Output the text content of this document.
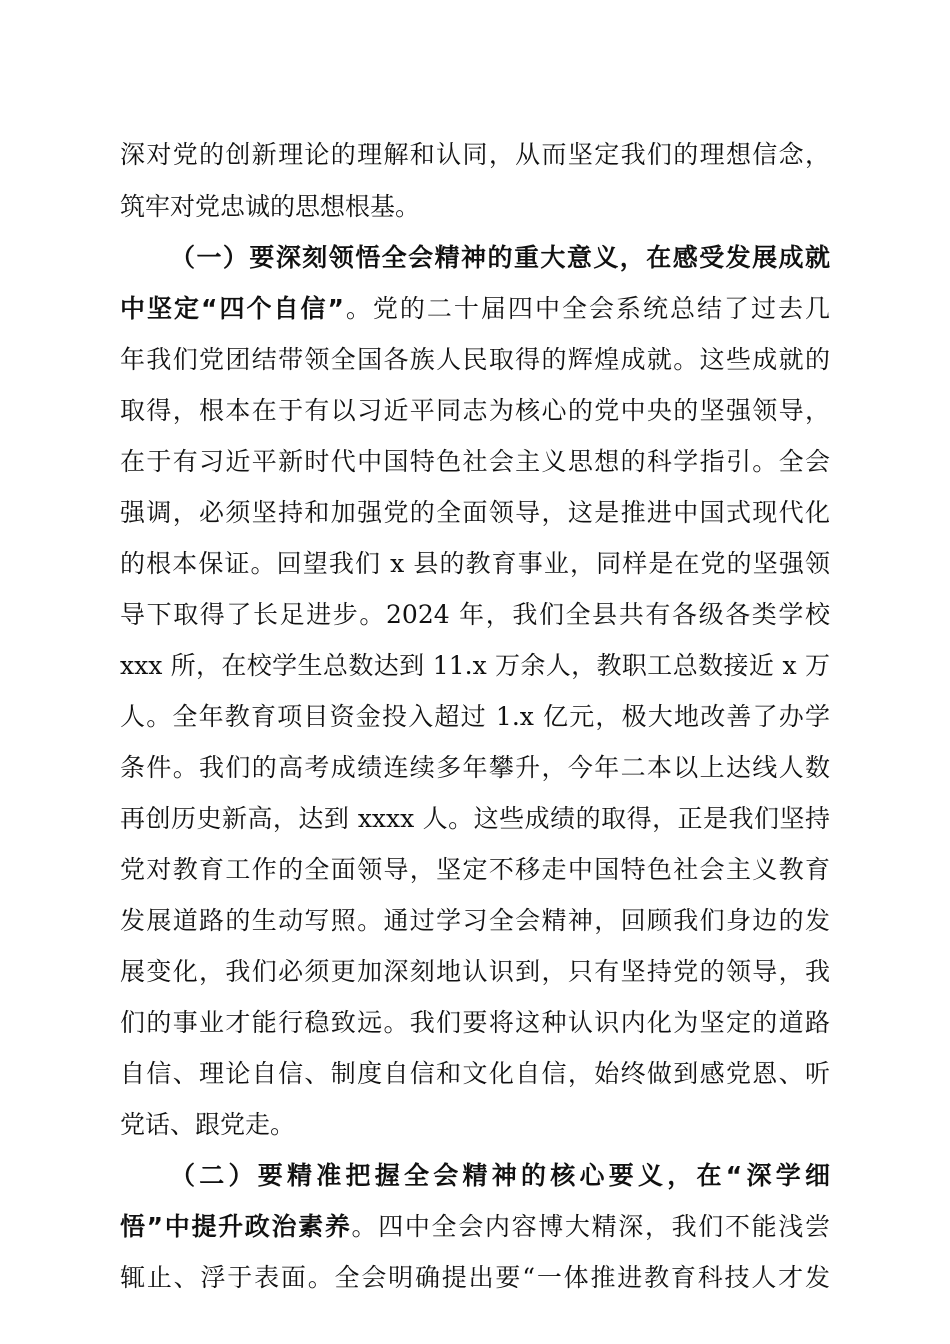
深对党的创新理论的理解和认同，从而坚定我们的理想信念，
筑牢对党忠诚的思想根基。
（一）要深刻领悟全会精神的重大意义，在感受发展成就
中坚定“四个自信”。党的二十届四中全会系统总结了过去几
年我们党团结带领全国各族人民取得的辉煌成就。这些成就的
取得，根本在于有以习近平同志为核心的党中央的坚强领导，
在于有习近平新时代中国特色社会主义思想的科学指引。全会
强调，必须坚持和加强党的全面领导，这是推进中国式现代化
的根本保证。回望我们 x 县的教育事业，同样是在党的坚强领
导下取得了长足进步。2024 年，我们全县共有各级各类学校
xxx 所，在校学生总数达到 11.x 万余人，教职工总数接近 x 万
人。全年教育项目资金投入超过 1.x 亿元，极大地改善了办学
条件。我们的高考成绩连续多年攀升，今年二本以上达线人数
再创历史新高，达到 xxxx 人。这些成绩的取得，正是我们坚持
党对教育工作的全面领导，坚定不移走中国特色社会主义教育
发展道路的生动写照。通过学习全会精神，回顾我们身边的发
展变化，我们必须更加深刻地认识到，只有坚持党的领导，我
们的事业才能行稳致远。我们要将这种认识内化为坚定的道路
自信、理论自信、制度自信和文化自信，始终做到感党恩、听
党话、跟党走。
（二）要精准把握全会精神的核心要义，在“深学细
悟”中提升政治素养。四中全会内容博大精深，我们不能浅尝
辄止、浮于表面。全会明确提出要“一体推进教育科技人才发
